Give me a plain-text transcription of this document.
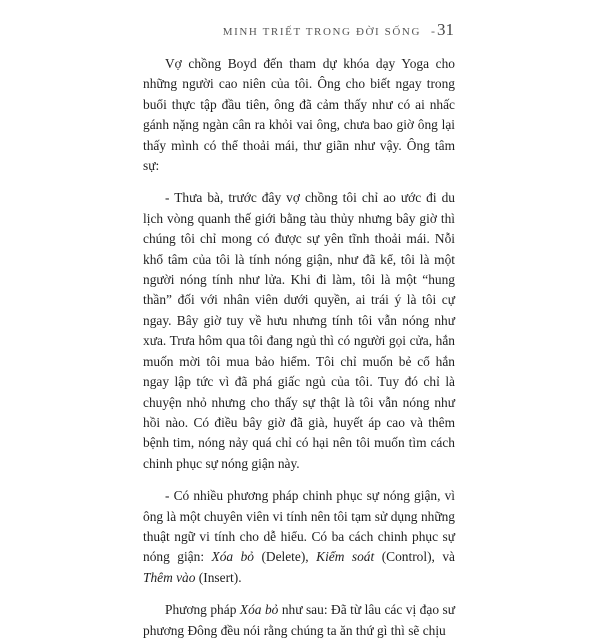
MINH TRIẾT TRONG ĐỜI SỐNG - 31

Vợ chồng Boyd đến tham dự khóa dạy Yoga cho những người cao niên của tôi. Ông cho biết ngay trong buổi thực tập đầu tiên, ông đã cảm thấy như có ai nhấc gánh nặng ngàn cân ra khỏi vai ông, chưa bao giờ ông lại thấy mình có thể thoải mái, thư giãn như vậy. Ông tâm sự:

- Thưa bà, trước đây vợ chồng tôi chỉ ao ước đi du lịch vòng quanh thế giới bằng tàu thủy nhưng bây giờ thì chúng tôi chỉ mong có được sự yên tĩnh thoải mái. Nỗi khổ tâm của tôi là tính nóng giận, như đã kể, tôi là một người nóng tính như lửa. Khi đi làm, tôi là một “hung thần” đối với nhân viên dưới quyền, ai trái ý là tôi cự ngay. Bây giờ tuy về hưu nhưng tính tôi vẫn nóng như xưa. Trưa hôm qua tôi đang ngủ thì có người gọi cửa, hắn muốn mời tôi mua bảo hiểm. Tôi chỉ muốn bẻ cổ hắn ngay lập tức vì đã phá giấc ngủ của tôi. Tuy đó chỉ là chuyện nhỏ nhưng cho thấy sự thật là tôi vẫn nóng như hồi nào. Có điều bây giờ đã già, huyết áp cao và thêm bệnh tim, nóng nảy quá chỉ có hại nên tôi muốn tìm cách chinh phục sự nóng giận này.

- Có nhiều phương pháp chinh phục sự nóng giận, vì ông là một chuyên viên vi tính nên tôi tạm sử dụng những thuật ngữ vi tính cho dễ hiểu. Có ba cách chinh phục sự nóng giận: Xóa bỏ (Delete), Kiểm soát (Control), và Thêm vào (Insert).

Phương pháp Xóa bỏ như sau: Đã từ lâu các vị đạo sư phương Đông đều nói rằng chúng ta ăn thứ gì thì sẽ chịu
